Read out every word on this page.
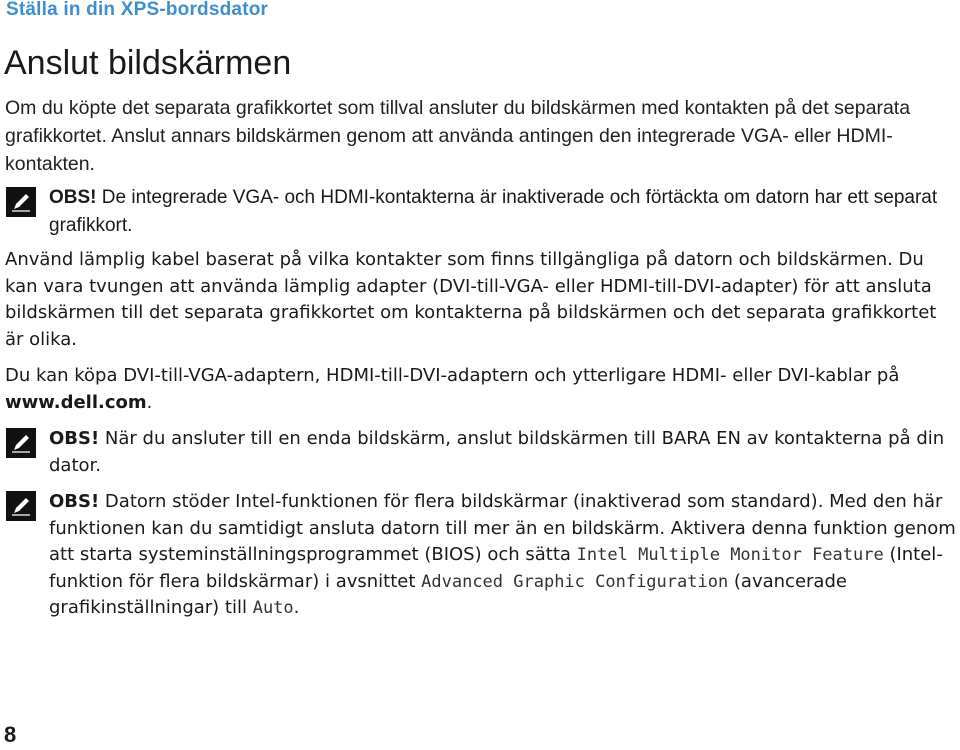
Ställa in din XPS-bordsdator
Anslut bildskärmen

Om du köpte det separata grafikkortet som tillval ansluter du bildskärmen med kontakten på det separata grafikkortet. Anslut annars bildskärmen genom att använda antingen den integrerade VGA- eller HDMI-kontakten.

OBS! De integrerade VGA- och HDMI-kontakterna är inaktiverade och förtäckta om datorn har ett separat grafikkort.

Använd lämplig kabel baserat på vilka kontakter som finns tillgängliga på datorn och bildskärmen. Du kan vara tvungen att använda lämplig adapter (DVI-till-VGA- eller HDMI-till-DVI-adapter) för att ansluta bildskärmen till det separata grafikkortet om kontakterna på bildskärmen och det separata grafikkortet är olika.

Du kan köpa DVI-till-VGA-adaptern, HDMI-till-DVI-adaptern och ytterligare HDMI- eller DVI-kablar på www.dell.com.

OBS! När du ansluter till en enda bildskärm, anslut bildskärmen till BARA EN av kontakterna på din dator.

OBS! Datorn stöder Intel-funktionen för flera bildskärmar (inaktiverad som standard). Med den här funktionen kan du samtidigt ansluta datorn till mer än en bildskärm. Aktivera denna funktion genom att starta systeminställningsprogrammet (BIOS) och sätta Intel Multiple Monitor Feature (Intel-funktion för flera bildskärmar) i avsnittet Advanced Graphic Configuration (avancerade grafikinställningar) till Auto.

8
